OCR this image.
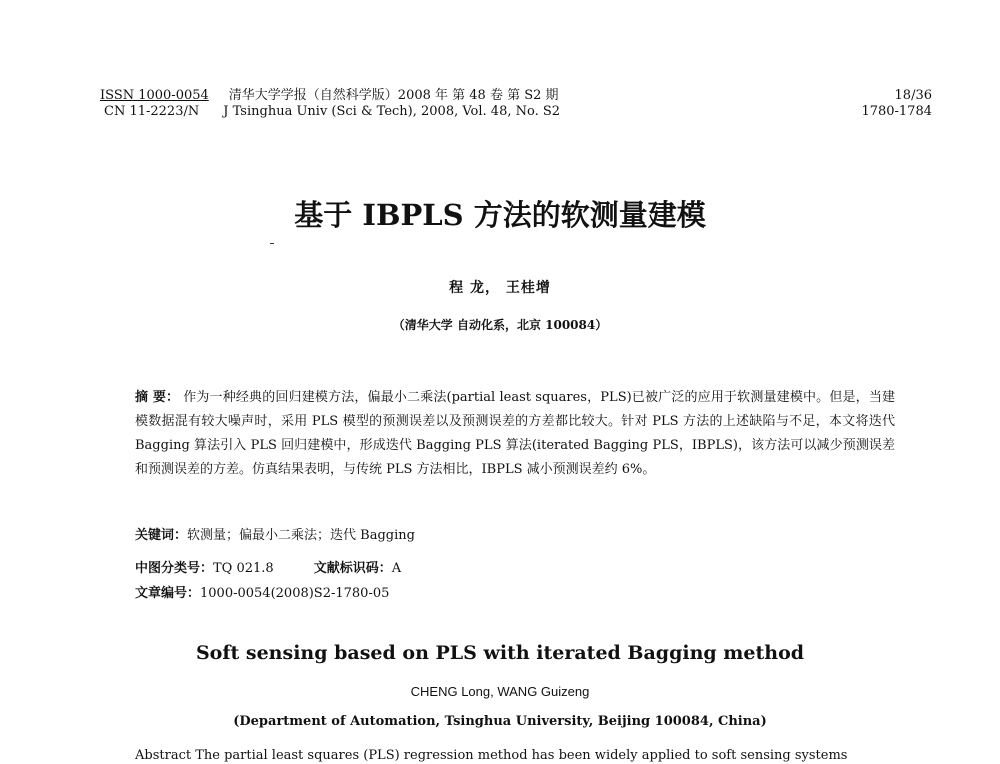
ISSN 1000-0054 清华大学学报（自然科学版）2008 年 第 48 卷 第 S2 期
CN 11-2223/N	J Tsinghua Univ (Sci & Tech), 2008, Vol. 48, No. S2
18/36
1780-1784
基于 IBPLS 方法的软测量建模
程 龙， 王桂增
（清华大学 自动化系，北京 100084）
摘 要： 作为一种经典的回归建模方法，偏最小二乘法(partial least squares，PLS)已被广泛的应用于软测量建模中。但是，当建模数据混有较大噪声时，采用 PLS 模型的预测误差以及预测误差的方差都比较大。针对 PLS 方法的上述缺陷与不足，本文将迭代 Bagging 算法引入 PLS 回归建模中，形成迭代 Bagging PLS 算法(iterated Bagging PLS，IBPLS)，该方法可以减少预测误差和预测误差的方差。仿真结果表明，与传统 PLS 方法相比，IBPLS 减小预测误差约 6%。
关键词：软测量；偏最小二乘法；迭代 Bagging
中图分类号：TQ 021.8	文献标识码：A
文章编号：1000-0054(2008)S2-1780-05
Soft sensing based on PLS with iterated Bagging method
CHENG Long, WANG Guizeng
(Department of Automation, Tsinghua University, Beijing 100084, China)
Abstract The partial least squares (PLS) regression method has been widely applied to soft sensing systems
